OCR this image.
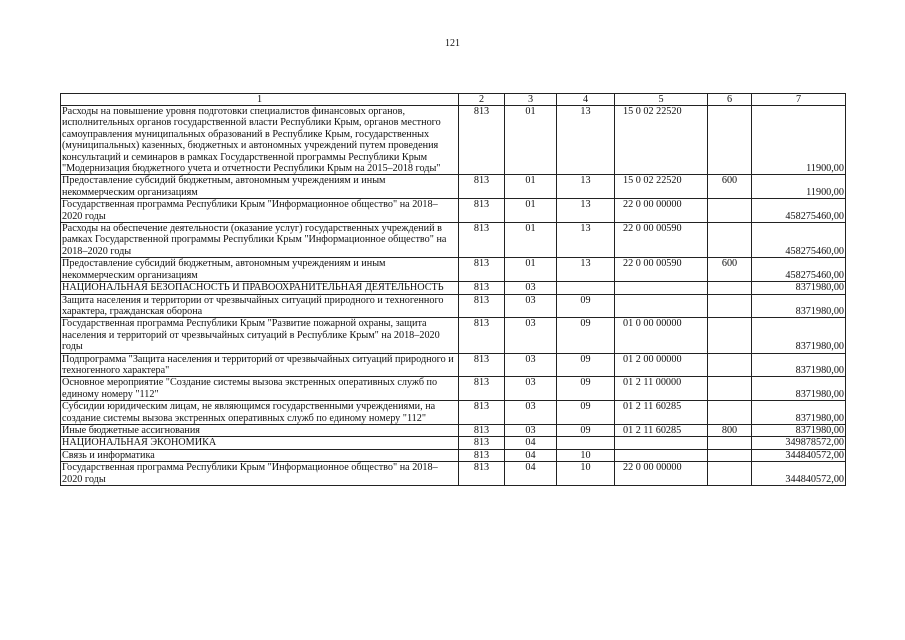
121
1	2	3	4	5	6	7
Расходы на повышение уровня подготовки специалистов финансовых органов, исполнительных органов государственной власти Республики Крым, органов местного самоуправления муниципальных образований в Республике Крым, государственных (муниципальных) казенных, бюджетных и автономных учреждений путем проведения консультаций и семинаров в рамках Государственной программы Республики Крым "Модернизация бюджетного учета и отчетности Республики Крым на 2015–2018 годы"	813	01	13	15 0 02 22520		11900,00
Предоставление субсидий бюджетным, автономным учреждениям и иным некоммерческим организациям	813	01	13	15 0 02 22520	600	11900,00
Государственная программа Республики Крым "Информационное общество" на 2018–2020 годы	813	01	13	22 0 00 00000		458275460,00
Расходы на обеспечение деятельности (оказание услуг) государственных учреждений в рамках Государственной программы Республики Крым "Информационное общество" на 2018–2020 годы	813	01	13	22 0 00 00590		458275460,00
Предоставление субсидий бюджетным, автономным учреждениям и иным некоммерческим организациям	813	01	13	22 0 00 00590	600	458275460,00
НАЦИОНАЛЬНАЯ БЕЗОПАСНОСТЬ И ПРАВООХРАНИТЕЛЬНАЯ ДЕЯТЕЛЬНОСТЬ	813	03				8371980,00
Защита населения и территории от чрезвычайных ситуаций природного и техногенного характера, гражданская оборона	813	03	09			8371980,00
Государственная программа Республики Крым "Развитие пожарной охраны, защита населения и территорий от чрезвычайных ситуаций в Республике Крым" на 2018–2020 годы	813	03	09	01 0 00 00000		8371980,00
Подпрограмма "Защита населения и территорий от чрезвычайных ситуаций природного и техногенного характера"	813	03	09	01 2 00 00000		8371980,00
Основное мероприятие "Создание системы вызова экстренных оперативных служб по единому номеру "112"	813	03	09	01 2 11 00000		8371980,00
Субсидии юридическим лицам, не являющимся государственными учреждениями, на создание системы вызова экстренных оперативных служб по единому номеру "112"	813	03	09	01 2 11 60285		8371980,00
Иные бюджетные ассигнования	813	03	09	01 2 11 60285	800	8371980,00
НАЦИОНАЛЬНАЯ ЭКОНОМИКА	813	04				349878572,00
Связь и информатика	813	04	10			344840572,00
Государственная программа Республики Крым "Информационное общество" на 2018–2020 годы	813	04	10	22 0 00 00000		344840572,00
